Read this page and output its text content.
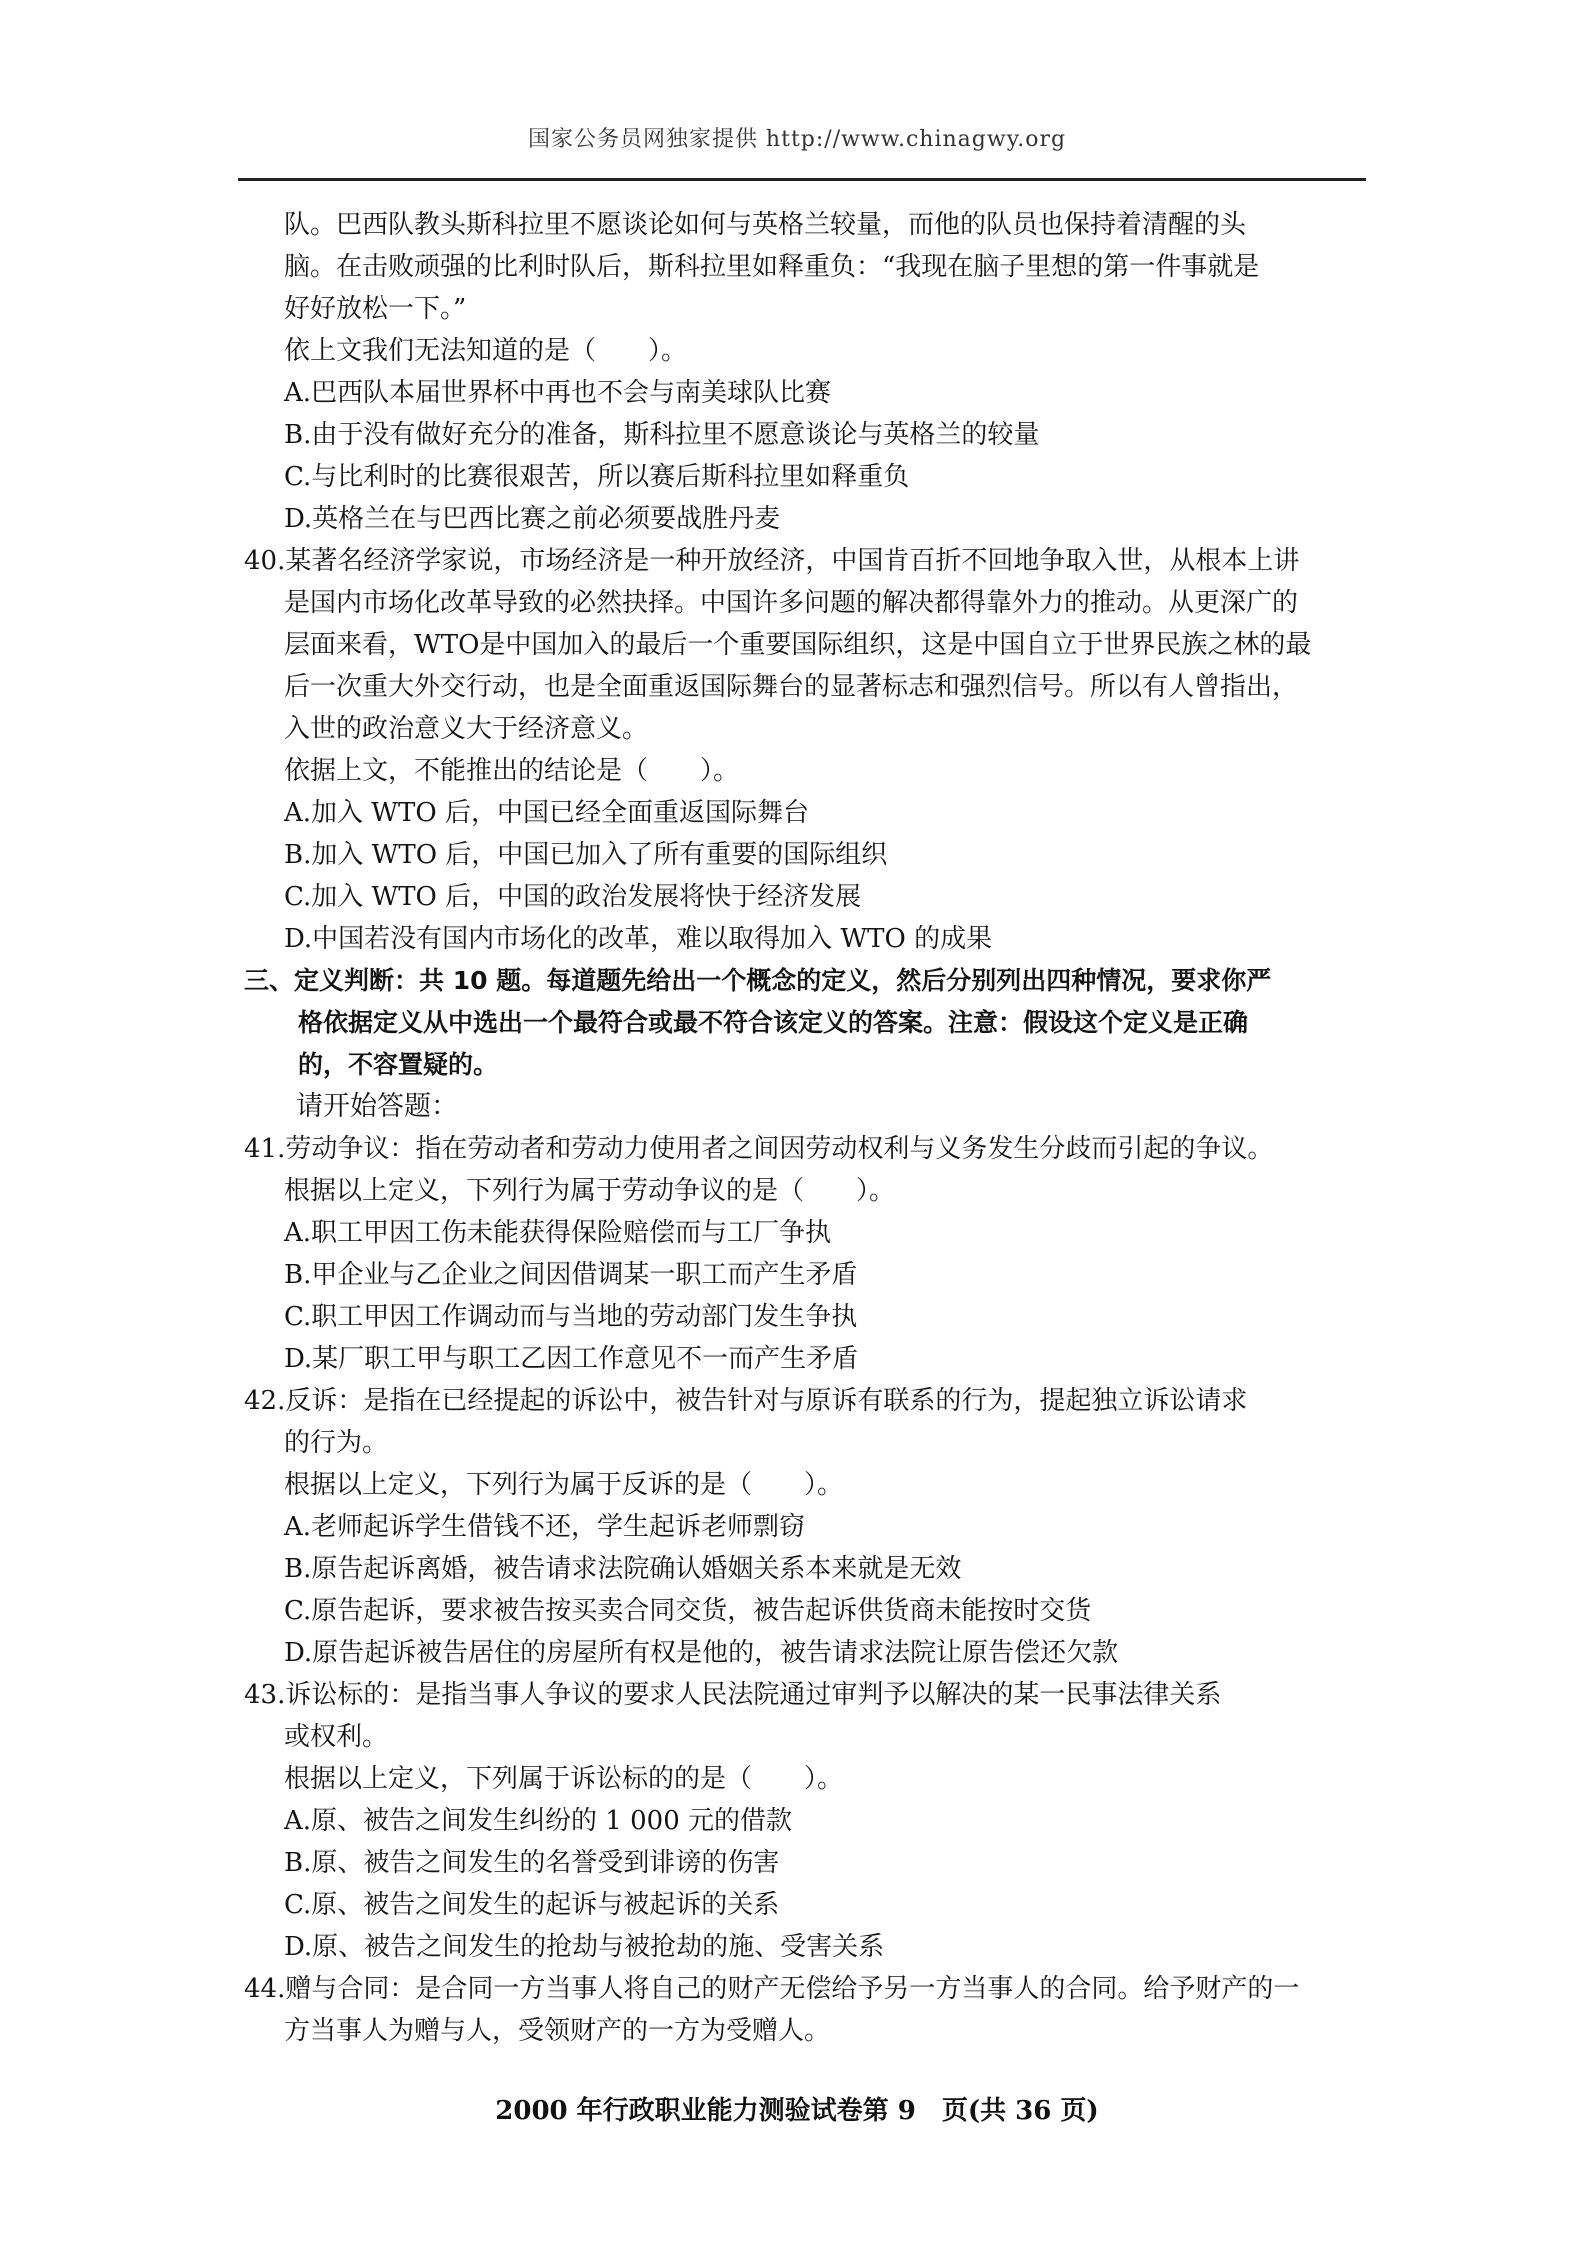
国家公务员网独家提供 http://www.chinagwy.org
队。巴西队教头斯科拉里不愿谈论如何与英格兰较量，而他的队员也保持着清醒的头
脑。在击败顽强的比利时队后，斯科拉里如释重负：“我现在脑子里想的第一件事就是
好好放松一下。”
依上文我们无法知道的是（　　）。
A.巴西队本届世界杯中再也不会与南美球队比赛
B.由于没有做好充分的准备，斯科拉里不愿意谈论与英格兰的较量
C.与比利时的比赛很艰苦，所以赛后斯科拉里如释重负
D.英格兰在与巴西比赛之前必须要战胜丹麦
40.某著名经济学家说，市场经济是一种开放经济，中国肯百折不回地争取入世，从根本上讲
是国内市场化改革导致的必然抉择。中国许多问题的解决都得靠外力的推动。从更深广的
层面来看，WTO是中国加入的最后一个重要国际组织，这是中国自立于世界民族之林的最
后一次重大外交行动，也是全面重返国际舞台的显著标志和强烈信号。所以有人曾指出，
入世的政治意义大于经济意义。
依据上文，不能推出的结论是（　　）。
A.加入 WTO 后，中国已经全面重返国际舞台
B.加入 WTO 后，中国已加入了所有重要的国际组织
C.加入 WTO 后，中国的政治发展将快于经济发展
D.中国若没有国内市场化的改革，难以取得加入 WTO 的成果
三、定义判断：共 10 题。每道题先给出一个概念的定义，然后分别列出四种情况，要求你严
格依据定义从中选出一个最符合或最不符合该定义的答案。注意：假设这个定义是正确
的，不容置疑的。
请开始答题：
41.劳动争议：指在劳动者和劳动力使用者之间因劳动权利与义务发生分歧而引起的争议。
根据以上定义，下列行为属于劳动争议的是（　　）。
A.职工甲因工伤未能获得保险赔偿而与工厂争执
B.甲企业与乙企业之间因借调某一职工而产生矛盾
C.职工甲因工作调动而与当地的劳动部门发生争执
D.某厂职工甲与职工乙因工作意见不一而产生矛盾
42.反诉：是指在已经提起的诉讼中，被告针对与原诉有联系的行为，提起独立诉讼请求
的行为。
根据以上定义，下列行为属于反诉的是（　　）。
A.老师起诉学生借钱不还，学生起诉老师剽窃
B.原告起诉离婚，被告请求法院确认婚姻关系本来就是无效
C.原告起诉，要求被告按买卖合同交货，被告起诉供货商未能按时交货
D.原告起诉被告居住的房屋所有权是他的，被告请求法院让原告偿还欠款
43.诉讼标的：是指当事人争议的要求人民法院通过审判予以解决的某一民事法律关系
或权利。
根据以上定义，下列属于诉讼标的的是（　　）。
A.原、被告之间发生纠纷的 1 000 元的借款
B.原、被告之间发生的名誉受到诽谤的伤害
C.原、被告之间发生的起诉与被起诉的关系
D.原、被告之间发生的抢劫与被抢劫的施、受害关系
44.赠与合同：是合同一方当事人将自己的财产无偿给予另一方当事人的合同。给予财产的一
方当事人为赠与人，受领财产的一方为受赠人。
2000 年行政职业能力测验试卷第 9　页(共 36 页)
